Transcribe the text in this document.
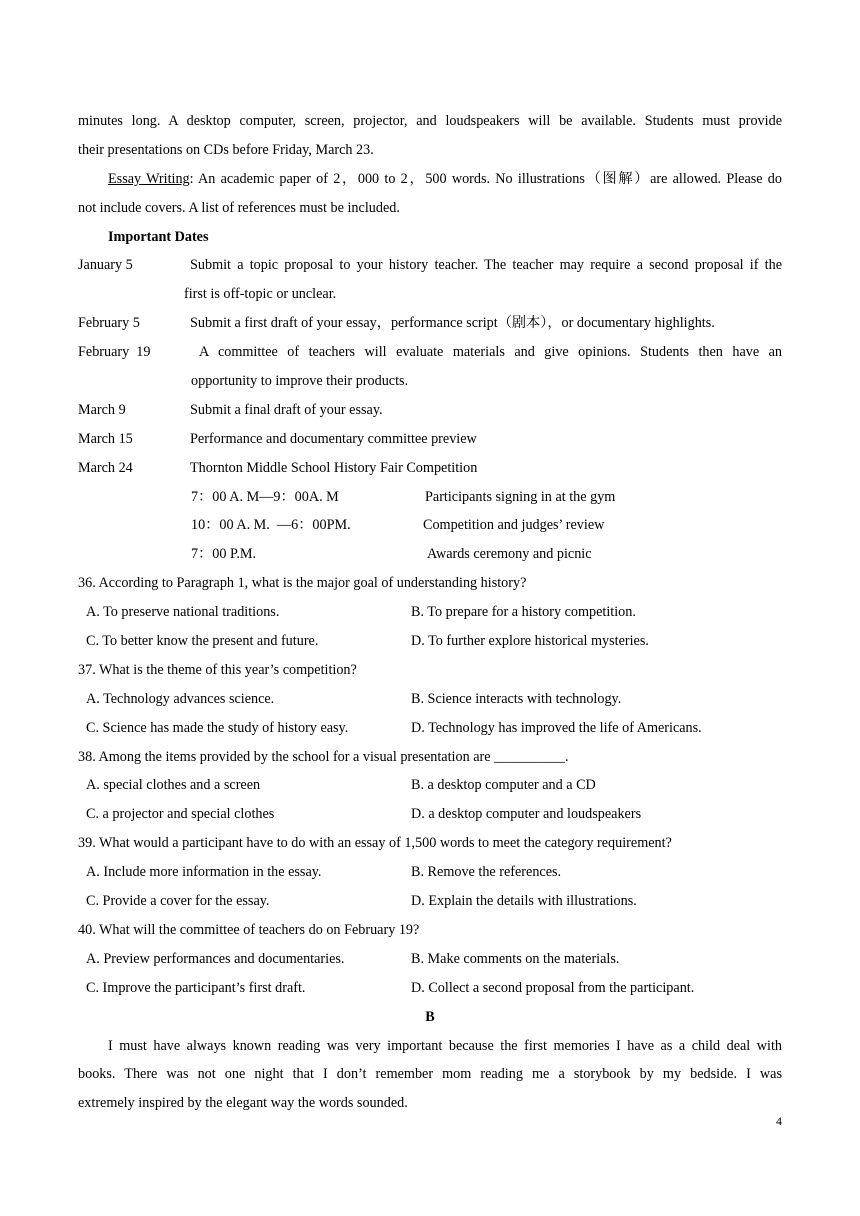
minutes long. A desktop computer, screen, projector, and loudspeakers will be available. Students must provide
their presentations on CDs before Friday, March 23.
Essay Writing: An academic paper of 2，000 to 2，500 words. No illustrations（图解）are allowed. Please do
not include covers. A list of references must be included.
Important Dates
January 5	Submit a topic proposal to your history teacher. The teacher may require a second proposal if the
first is off-topic or unclear.
February 5	Submit a first draft of your essay，performance script（剧本），or documentary highlights.
February  19	A committee of teachers will evaluate materials and give opinions. Students then have an
opportunity to improve their products.
March 9	Submit a final draft of your essay.
March 15	Performance and documentary committee preview
March 24	Thornton Middle School History Fair Competition
7：00 A. M—9：00A. M	Participants signing in at the gym
10：00 A. M.  —6：00PM.	Competition and judges’ review
7：00 P.M.	Awards ceremony and picnic
36. According to Paragraph 1, what is the major goal of understanding history?
A. To preserve national traditions.	B. To prepare for a history competition.
C. To better know the present and future.	D. To further explore historical mysteries.
37. What is the theme of this year’s competition?
A. Technology advances science.	B. Science interacts with technology.
C. Science has made the study of history easy.	D. Technology has improved the life of Americans.
38. Among the items provided by the school for a visual presentation are __________.
A. special clothes and a screen	B. a desktop computer and a CD
C. a projector and special clothes	D. a desktop computer and loudspeakers
39. What would a participant have to do with an essay of 1,500 words to meet the category requirement?
A. Include more information in the essay.	B. Remove the references.
C. Provide a cover for the essay.	D. Explain the details with illustrations.
40. What will the committee of teachers do on February 19?
A. Preview performances and documentaries.	B. Make comments on the materials.
C. Improve the participant’s first draft.	D. Collect a second proposal from the participant.
B
I must have always known reading was very important because the first memories I have as a child deal with
books. There was not one night that I don’t remember mom reading me a storybook by my bedside. I was
extremely inspired by the elegant way the words sounded.
4
